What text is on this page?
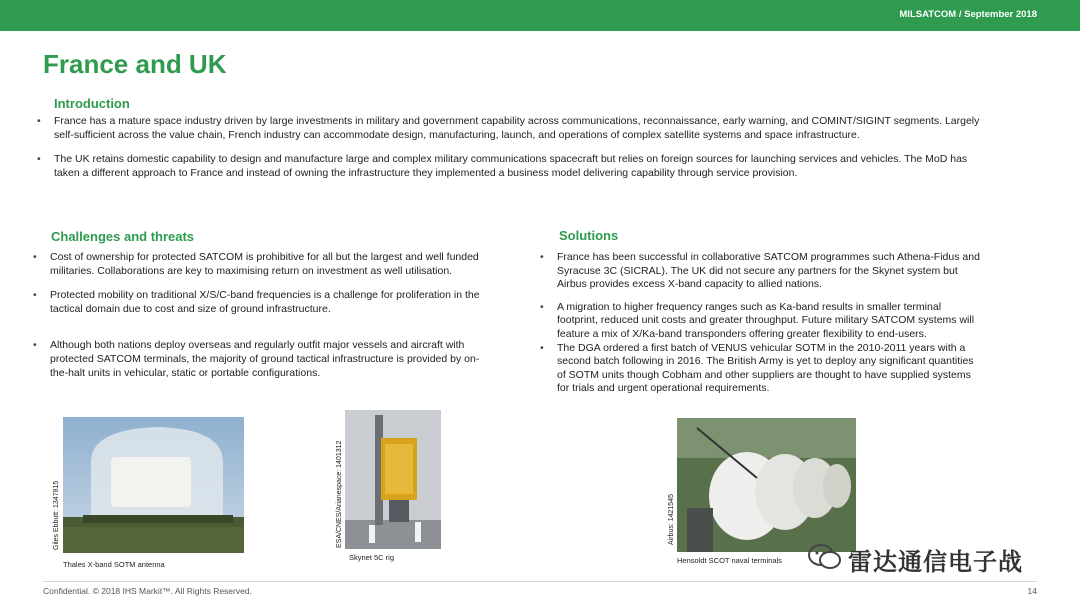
MILSATCOM / September 2018
France and UK
Introduction
• France has a mature space industry driven by large investments in military and government capability across communications, reconnaissance, early warning, and COMINT/SIGINT segments. Largely self-sufficient across the value chain, French industry can accommodate design, manufacturing, launch, and operations of complex satellite systems and space infrastructure.
• The UK retains domestic capability to design and manufacture large and complex military communications spacecraft but relies on foreign sources for launching services and vehicles. The MoD has taken a different approach to France and instead of owning the infrastructure they implemented a business model delivering capability through service provision.
Challenges and threats
• Cost of ownership for protected SATCOM is prohibitive for all but the largest and well funded militaries. Collaborations are key to maximising return on investment as well utilisation.
• Protected mobility on traditional X/S/C-band frequencies is a challenge for proliferation in the tactical domain due to cost and size of ground infrastructure.
• Although both nations deploy overseas and regularly outfit major vessels and aircraft with protected SATCOM terminals, the majority of ground tactical infrastructure is provided by on-the-halt units in vehicular, static or portable configurations.
Solutions
• France has been successful in collaborative SATCOM programmes such Athena-Fidus and Syracuse 3C (SICRAL). The UK did not secure any partners for the Skynet system but Airbus provides excess X-band capacity to allied nations.
• A migration to higher frequency ranges such as Ka-band results in smaller terminal footprint, reduced unit costs and greater throughput. Future military SATCOM systems will feature a mix of X/Ka-band transponders offering greater flexibility to end-users.
• The DGA ordered a first batch of VENUS vehicular SOTM in the 2010-2011 years with a second batch following in 2016. The British Army is yet to deploy any significant quantities of SOTM units though Cobham and other suppliers are thought to have supplied systems for trials and urgent operational requirements.
Giles Ebbutt: 1347815
Thales X-band SOTM antenna
ESA/CNES/Arianespace: 1401312
Skynet 5C rig
Airbus: 1421545
Hensoldt SCOT naval terminals	雷达通信电子战
Confidential. © 2018 IHS Markit™. All Rights Reserved.	14
